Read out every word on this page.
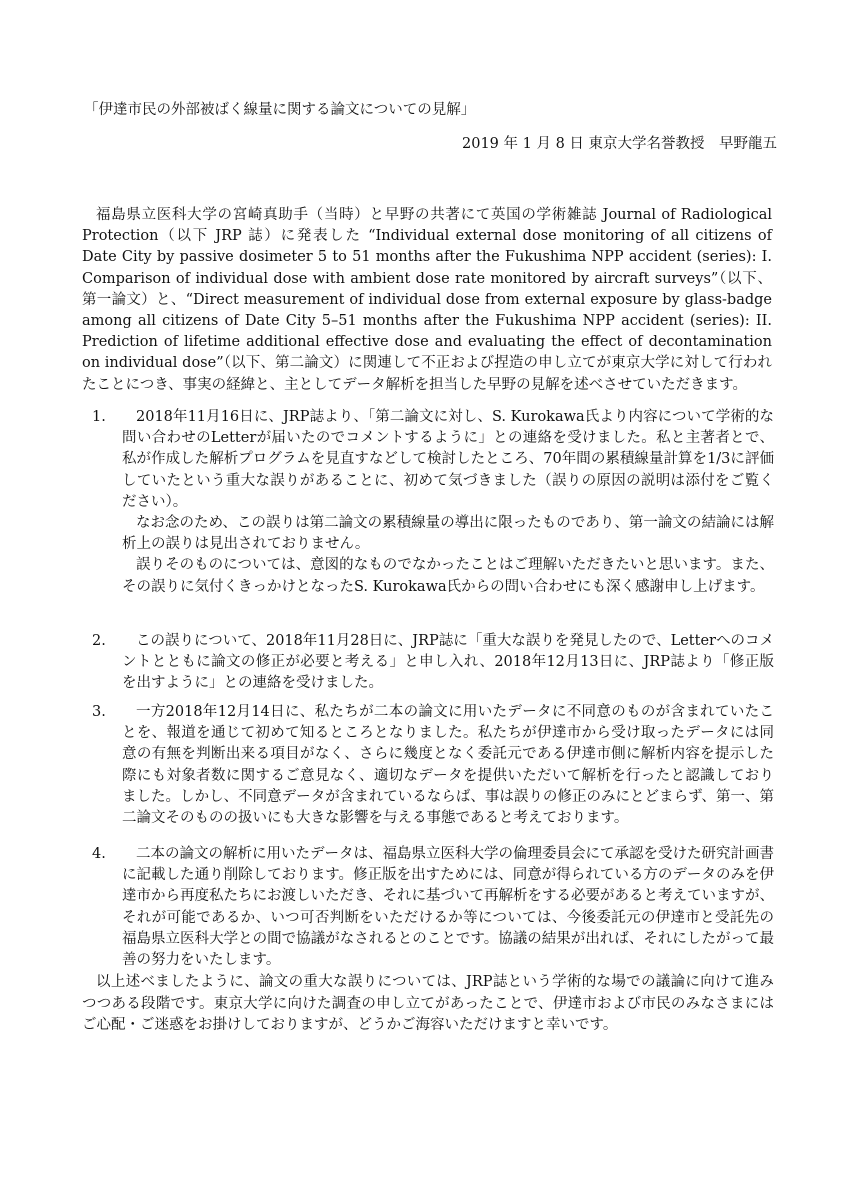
「伊達市民の外部被ばく線量に関する論文についての見解」
2019 年 1 月 8 日 東京大学名誉教授　早野龍五
福島県立医科大学の宮崎真助手（当時）と早野の共著にて英国の学術雑誌 Journal of Radiological Protection（以下 JRP 誌）に発表した “Individual external dose monitoring of all citizens of Date City by passive dosimeter 5 to 51 months after the Fukushima NPP accident (series): I. Comparison of individual dose with ambient dose rate monitored by aircraft surveys”（以下、第一論文）と、“Direct measurement of individual dose from external exposure by glass-badge among all citizens of Date City 5–51 months after the Fukushima NPP accident (series): II. Prediction of lifetime additional effective dose and evaluating the effect of decontamination on individual dose”（以下、第二論文）に関連して不正および捏造の申し立てが東京大学に対して行われたことにつき、事実の経緯と、主としてデータ解析を担当した早野の見解を述べさせていただきます。
1.	2018年11月16日に、JRP誌より、「第二論文に対し、S. Kurokawa氏より内容について学術的な問い合わせのLetterが届いたのでコメントするように」との連絡を受けました。私と主著者とで、私が作成した解析プログラムを見直すなどして検討したところ、70年間の累積線量計算を1/3に評価していたという重大な誤りがあることに、初めて気づきました（誤りの原因の説明は添付をご覧ください）。

なお念のため、この誤りは第二論文の累積線量の導出に限ったものであり、第一論文の結論には解析上の誤りは見出されておりません。

誤りそのものについては、意図的なものでなかったことはご理解いただきたいと思います。また、その誤りに気付くきっかけとなったS. Kurokawa氏からの問い合わせにも深く感謝申し上げます。

2.	この誤りについて、2018年11月28日に、JRP誌に「重大な誤りを発見したので、Letterへのコメントとともに論文の修正が必要と考える」と申し入れ、2018年12月13日に、JRP誌より「修正版を出すように」との連絡を受けました。

3.	一方2018年12月14日に、私たちが二本の論文に用いたデータに不同意のものが含まれていたことを、報道を通じて初めて知るところとなりました。私たちが伊達市から受け取ったデータには同意の有無を判断出来る項目がなく、さらに幾度となく委託元である伊達市側に解析内容を提示した際にも対象者数に関するご意見なく、適切なデータを提供いただいて解析を行ったと認識しておりました。しかし、不同意データが含まれているならば、事は誤りの修正のみにとどまらず、第一、第二論文そのものの扱いにも大きな影響を与える事態であると考えております。

4.	二本の論文の解析に用いたデータは、福島県立医科大学の倫理委員会にて承認を受けた研究計画書に記載した通り削除しております。修正版を出すためには、同意が得られている方のデータのみを伊達市から再度私たちにお渡しいただき、それに基づいて再解析をする必要があると考えていますが、それが可能であるか、いつ可否判断をいただけるか等については、今後委託元の伊達市と受託先の福島県立医科大学との間で協議がなされるとのことです。協議の結果が出れば、それにしたがって最善の努力をいたします。

以上述べましたように、論文の重大な誤りについては、JRP誌という学術的な場での議論に向けて進みつつある段階です。東京大学に向けた調査の申し立てがあったことで、伊達市および市民のみなさまにはご心配・ご迷惑をお掛けしておりますが、どうかご海容いただけますと幸いです。
